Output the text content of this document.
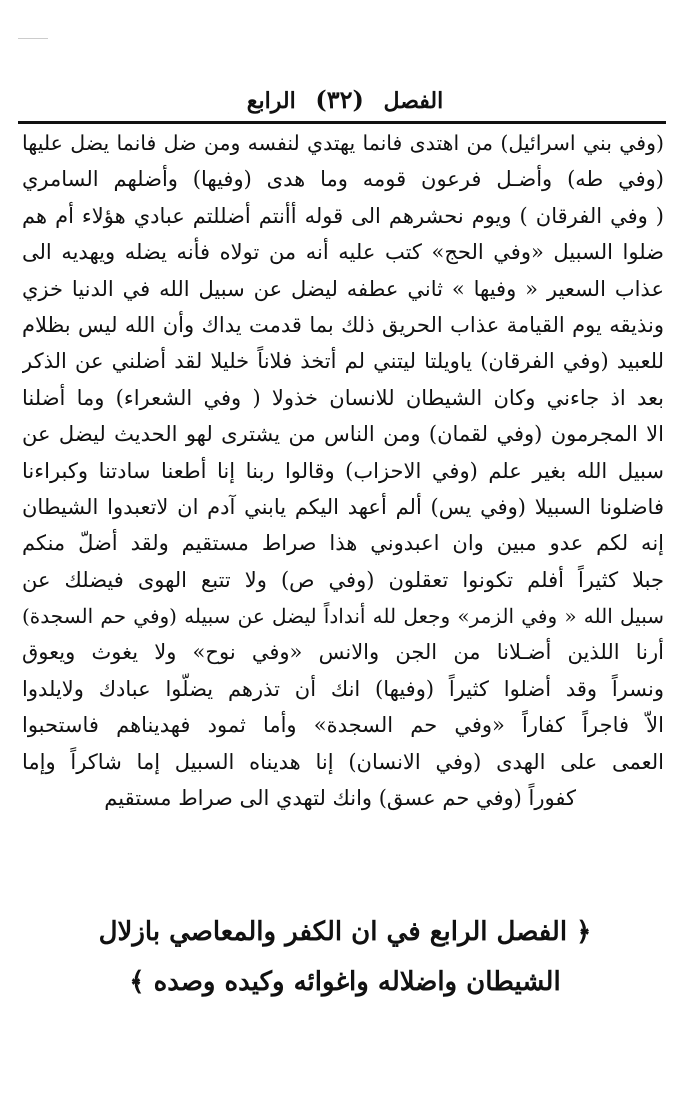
الفصل (٣٢) الرابع
(وفي بني اسرائيل) من اهتدى فانما يهتدي لنفسه ومن ضل فانما يضل عليها
(وفي طه) وأضـل فرعون قومه وما هدى (وفيها) وأضلهم السامري
( وفي الفرقان ) ويوم نحشرهم الى قوله أأنتم أضللتم عبادي هؤلاء أم هم
ضلوا السبيل «وفي الحج» كتب عليه أنه من تولاه فأنه يضله ويهديه الى
عذاب السعير « وفيها » ثاني عطفه ليضل عن سبيل الله في الدنيا خزي
ونذيقه يوم القيامة عذاب الحريق ذلك بما قدمت يداك وأن الله ليس بظلام
للعبيد (وفي الفرقان) ياويلتا ليتني لم أتخذ فلاناً خليلا لقد أضلني عن الذكر
بعد اذ جاءني وكان الشيطان للانسان خذولا ( وفي الشعراء) وما أضلنا
الا المجرمون (وفي لقمان) ومن الناس من يشترى لهو الحديث ليضل عن
سبيل الله بغير علم (وفي الاحزاب) وقالوا ربنا إنا أطعنا سادتنا وكبراءنا
فاضلونا السبيلا (وفي يس) ألم أعهد اليكم يابني آدم ان لاتعبدوا الشيطان
إنه لكم عدو مبين وان اعبدوني هذا صراط مستقيم ولقد أضلّ منكم
جبلا كثيراً أفلم تكونوا تعقلون (وفي ص) ولا تتبع الهوى فيضلك عن
سبيل الله « وفي الزمر» وجعل لله أنداداً ليضل عن سبيله (وفي حم السجدة)
أرنا اللذين أضـلانا من الجن والانس «وفي نوح» ولا يغوث ويعوق
ونسراً وقد أضلوا كثيراً (وفيها) انك أن تذرهم يضلّوا عبادك ولايلدوا
الاّ فاجراً كفاراً «وفي حم السجدة» وأما ثمود فهديناهم فاستحبوا
العمى على الهدى (وفي الانسان) إنا هديناه السبيل إما شاكراً وإما
كفوراً (وفي حم عسق) وانك لتهدي الى صراط مستقيم
﴿ الفصل الرابع في ان الكفر والمعاصي بازلال
الشيطان واضلاله واغوائه وكيده وصده ﴾
